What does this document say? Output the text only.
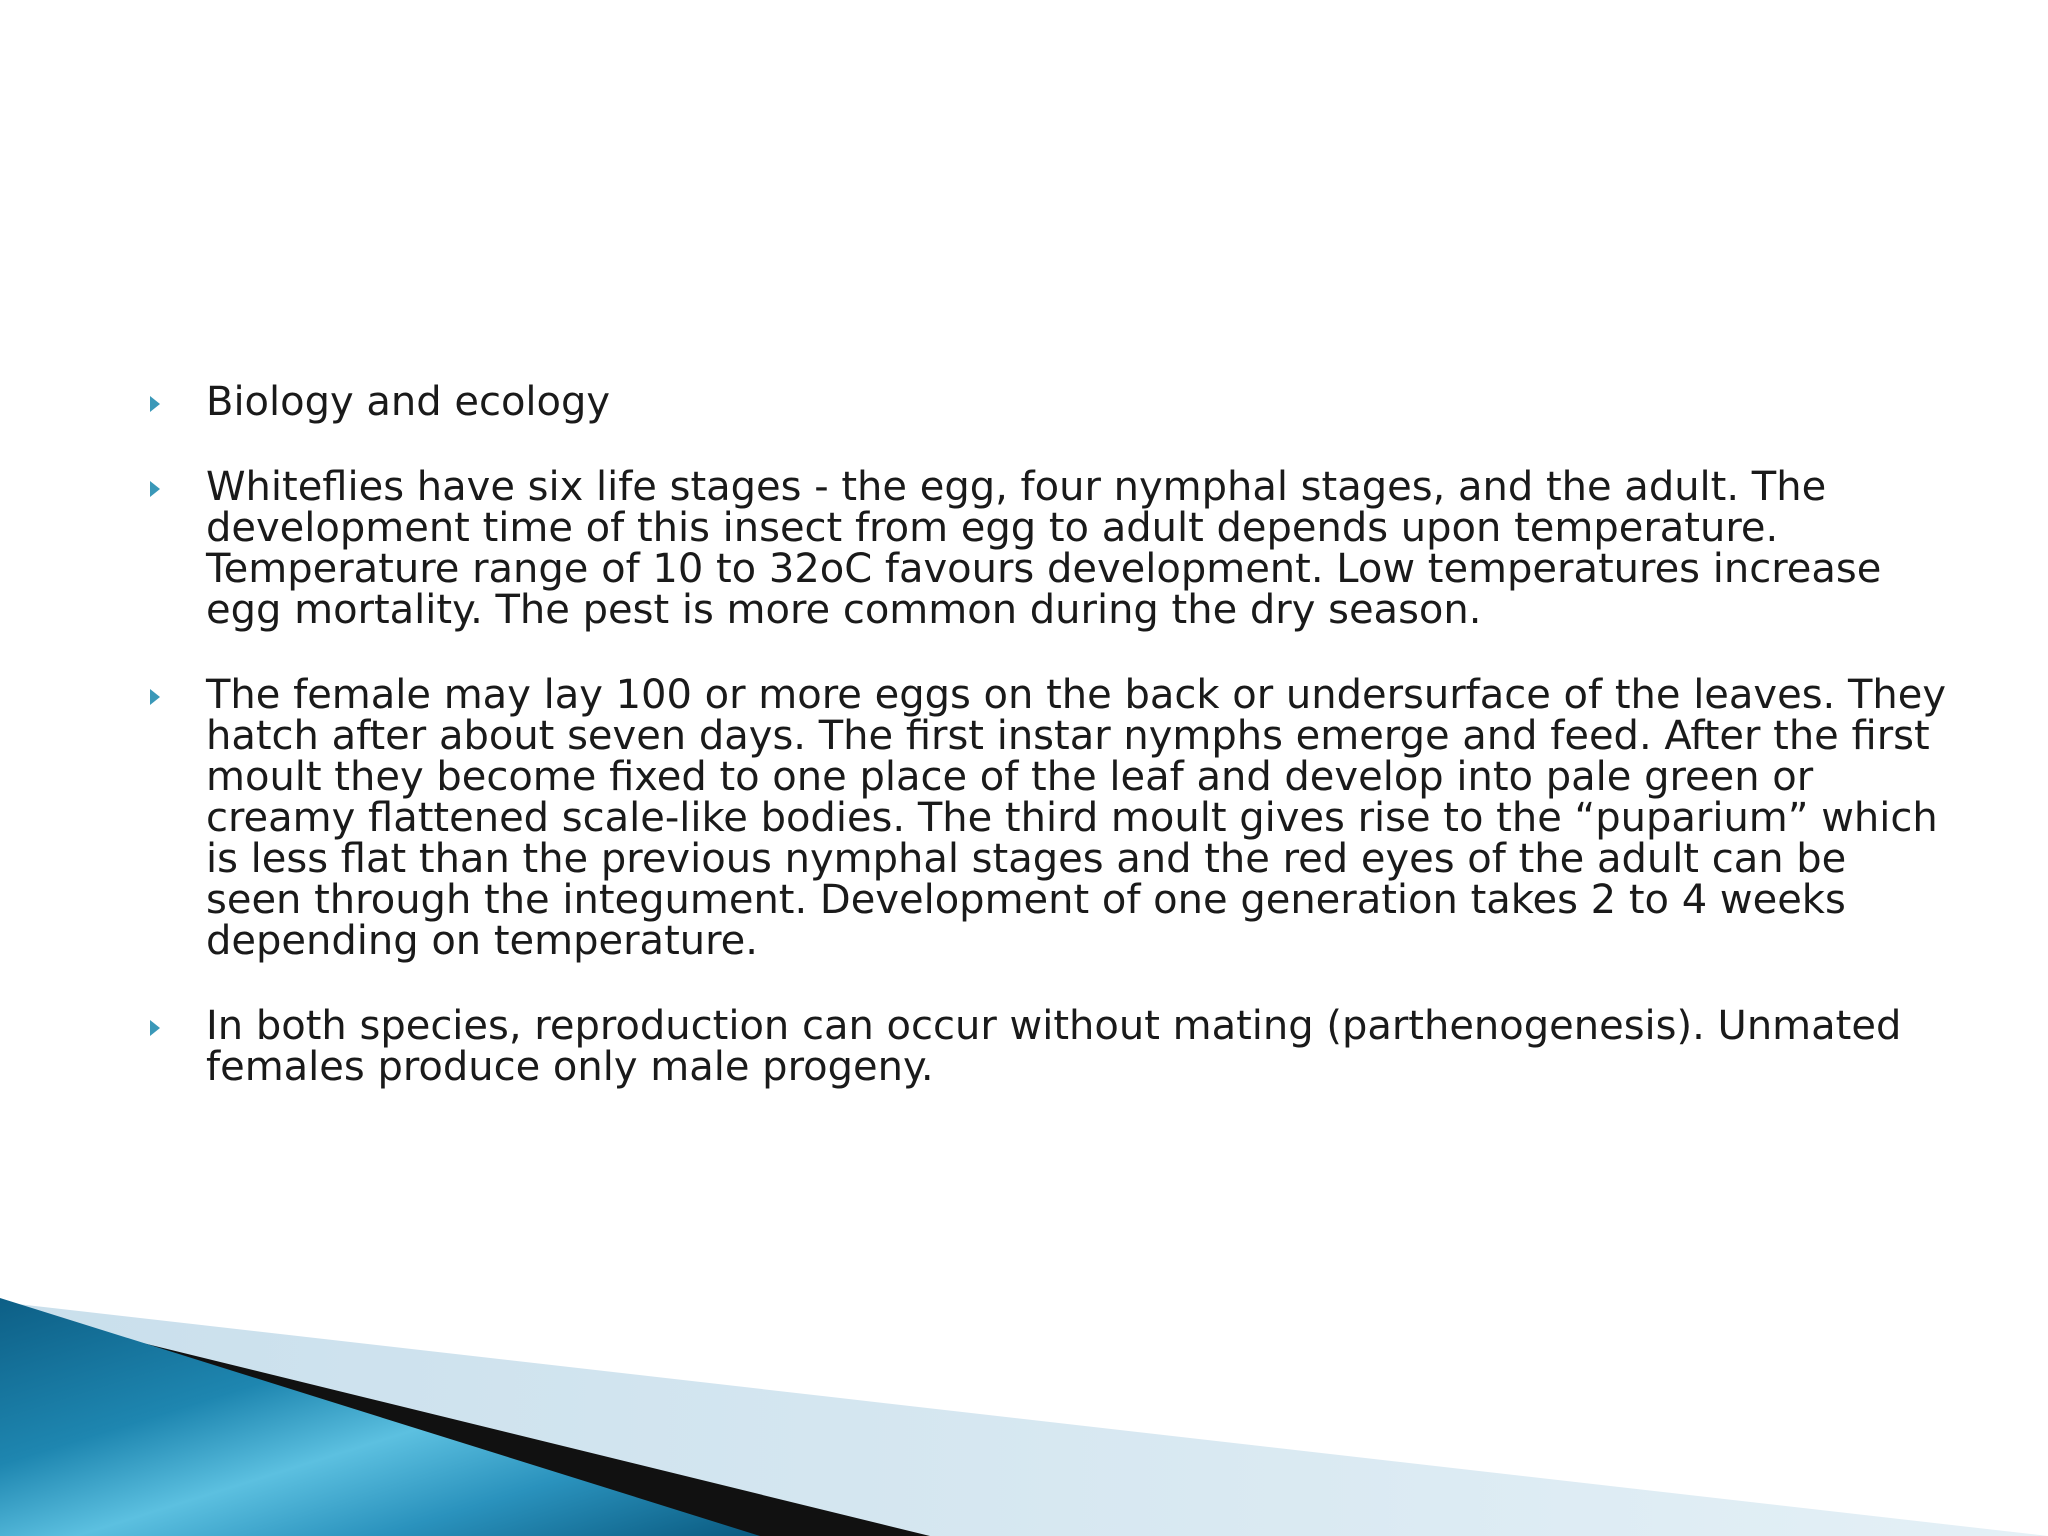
Biology and ecology
Whiteflies have six life stages - the egg, four nymphal stages, and the adult. The development time of this insect from egg to adult depends upon temperature. Temperature range of 10 to 32oC favours development. Low temperatures increase egg mortality. The pest is more common during the dry season.
The female may lay 100 or more eggs on the back or undersurface of the leaves. They hatch after about seven days. The first instar nymphs emerge and feed. After the first moult they become fixed to one place of the leaf and develop into pale green or creamy flattened scale-like bodies. The third moult gives rise to the “puparium” which is less flat than the previous nymphal stages and the red eyes of the adult can be seen through the integument. Development of one generation takes 2 to 4 weeks depending on temperature.
In both species, reproduction can occur without mating (parthenogenesis). Unmated females produce only male progeny.
